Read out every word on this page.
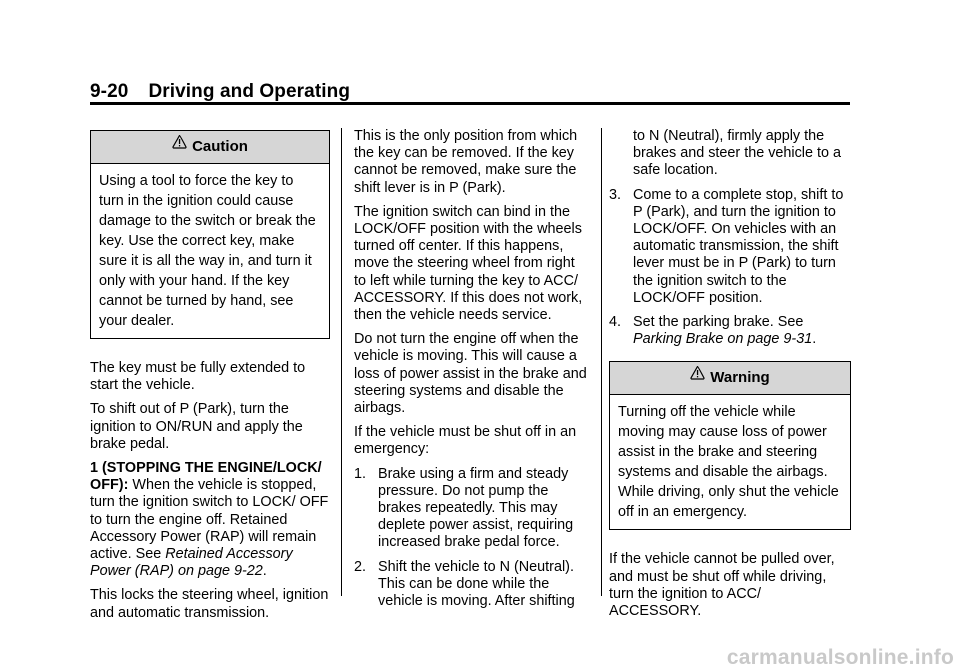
9-20 Driving and Operating
Caution
Using a tool to force the key to turn in the ignition could cause damage to the switch or break the key. Use the correct key, make sure it is all the way in, and turn it only with your hand. If the key cannot be turned by hand, see your dealer.

The key must be fully extended to start the vehicle.

To shift out of P (Park), turn the ignition to ON/RUN and apply the brake pedal.

1 (STOPPING THE ENGINE/LOCK/ OFF): When the vehicle is stopped, turn the ignition switch to LOCK/ OFF to turn the engine off. Retained Accessory Power (RAP) will remain active. See Retained Accessory Power (RAP) on page 9-22.

This locks the steering wheel, ignition and automatic transmission.

This is the only position from which the key can be removed. If the key cannot be removed, make sure the shift lever is in P (Park).

The ignition switch can bind in the LOCK/OFF position with the wheels turned off center. If this happens, move the steering wheel from right to left while turning the key to ACC/ ACCESSORY. If this does not work, then the vehicle needs service.

Do not turn the engine off when the vehicle is moving. This will cause a loss of power assist in the brake and steering systems and disable the airbags.

If the vehicle must be shut off in an emergency:

1. Brake using a firm and steady pressure. Do not pump the brakes repeatedly. This may deplete power assist, requiring increased brake pedal force.
2. Shift the vehicle to N (Neutral). This can be done while the vehicle is moving. After shifting

to N (Neutral), firmly apply the brakes and steer the vehicle to a safe location.

3. Come to a complete stop, shift to P (Park), and turn the ignition to LOCK/OFF. On vehicles with an automatic transmission, the shift lever must be in P (Park) to turn the ignition switch to the LOCK/OFF position.
4. Set the parking brake. See
Parking Brake on page 9-31.
Warning
Turning off the vehicle while moving may cause loss of power assist in the brake and steering systems and disable the airbags. While driving, only shut the vehicle off in an emergency.

If the vehicle cannot be pulled over, and must be shut off while driving, turn the ignition to ACC/ ACCESSORY.

carmanualsonline.info
